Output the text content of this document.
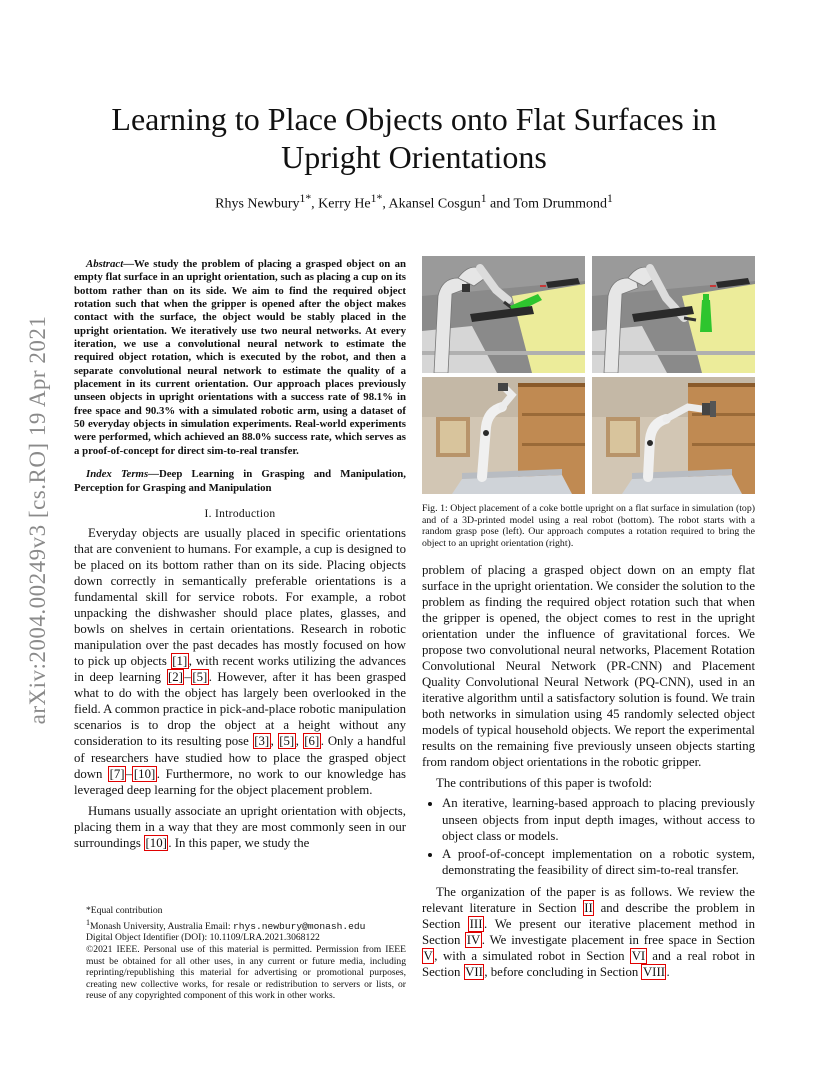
arXiv:2004.00249v3 [cs.RO] 19 Apr 2021
Learning to Place Objects onto Flat Surfaces in
Upright Orientations
Rhys Newbury$^{1*}$, Kerry $He^{1*}$, Akansel Cosgun$^1$ and Tom Drummond$^1$

Abstract—We study the problem of placing a grasped object on an empty flat surface in an upright orientation, such as placing a cup on its bottom rather than on its side. We aim to find the required object rotation such that when the gripper is opened after the object makes contact with the surface, the object would be stably placed in the upright orientation. We iteratively use two neural networks. At every iteration, we use a convolutional neural network to estimate the required object rotation, which is executed by the robot, and then a separate convolutional neural network to estimate the quality of a placement in its current orientation. Our approach places previously unseen objects in upright orientations with a success rate of 98.1% in free space and 90.3% with a simulated robotic arm, using a dataset of 50 everyday objects in simulation experiments. Real-world experiments were performed, which achieved an 88.0% success rate, which serves as a proof-of-concept for direct sim-to-real transfer.

Index Terms—Deep Learning in Grasping and Manipulation, Perception for Grasping and Manipulation

I. Introduction

Everyday objects are usually placed in specific orientations that are convenient to humans. For example, a cup is designed to be placed on its bottom rather than on its side. Placing objects down correctly in semantically preferable orientations is a fundamental skill for service robots. For example, a robot unpacking the dishwasher should place plates, glasses, and bowls on shelves in certain orientations. Research in robotic manipulation over the past decades has mostly focused on how to pick up objects [1] , with recent works utilizing the advances in deep learning [2] – [5] . However, after it has been grasped what to do with the object has largely been overlooked in the field. A common practice in pick-and-place robotic manipulation scenarios is to drop the object at a height without any consideration to its resulting pose [3] , [5] , [6] . Only a handful of researchers have studied how to place the grasped object down [7] – [10] . Furthermore, no work to our knowledge has leveraged deep learning for the object placement problem.

Humans usually associate an upright orientation with objects, placing them in a way that they are most commonly seen in our surroundings [10] . In this paper, we study the

*Equal contribution
$^1$Monash University, Australia Email: rhys.newbury@monash.edu
Digital Object Identifier (DOI): 10.1109/LRA.2021.3068122
©2021 IEEE. Personal use of this material is permitted. Permission from IEEE must be obtained for all other uses, in any current or future media, including reprinting/republishing this material for advertising or promotional purposes, creating new collective works, for resale or redistribution to servers or lists, or reuse of any copyrighted component of this work in other works.

Fig. 1: Object placement of a coke bottle upright on a flat surface in simulation (top) and of a 3D-printed model using a real robot (bottom). The robot starts with a random grasp pose (left). Our approach computes a rotation required to bring the object to an upright orientation (right).

problem of placing a grasped object down on an empty flat surface in the upright orientation. We consider the solution to the problem as finding the required object rotation such that when the gripper is opened, the object comes to rest in the upright orientation under the influence of gravitational forces. We propose two convolutional neural networks, Placement Rotation Convolutional Neural Network (PR-CNN) and Placement Quality Convolutional Neural Network (PQ-CNN), used in an iterative algorithm until a satisfactory solution is found. We train both networks in simulation using 45 randomly selected object models of typical household objects. We report the experimental results on the remaining five previously unseen objects starting from random object orientations in the robotic gripper.

The contributions of this paper is twofold:

• An iterative, learning-based approach to placing previously unseen objects from input depth images, without access to object class or models.
• A proof-of-concept implementation on a robotic system, demonstrating the feasibility of direct sim-to-real transfer.

The organization of the paper is as follows. We review the relevant literature in Section II and describe the problem in Section III . We present our iterative placement method in Section IV . We investigate placement in free space in Section V , with a simulated robot in Section VI and a real robot in Section VII , before concluding in Section VIII .
